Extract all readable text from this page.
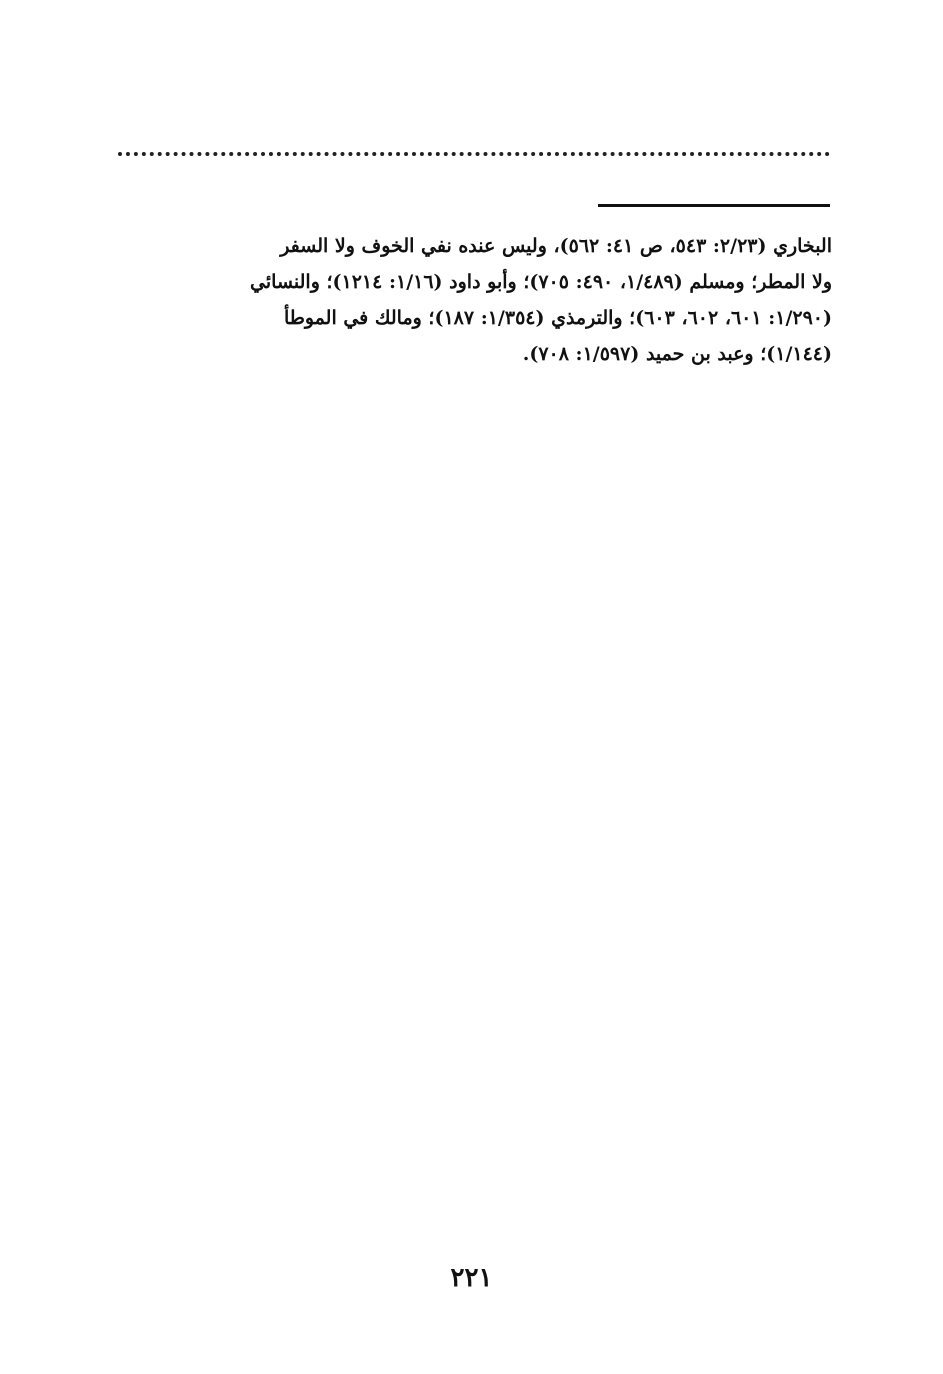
البخاري (٢/٢٣: ٥٤٣، ص ٤١: ٥٦٢)، وليس عنده نفي الخوف ولا السفر
ولا المطر؛ ومسلم (١/٤٨٩، ٤٩٠: ٧٠٥)؛ وأبو داود (١/١٦: ١٢١٤)؛ والنسائي
(١/٢٩٠: ٦٠١، ٦٠٢، ٦٠٣)؛ والترمذي (١/٣٥٤: ١٨٧)؛ ومالك في الموطأ
(١/١٤٤)؛ وعبد بن حميد (١/٥٩٧: ٧٠٨).
٢٢١
